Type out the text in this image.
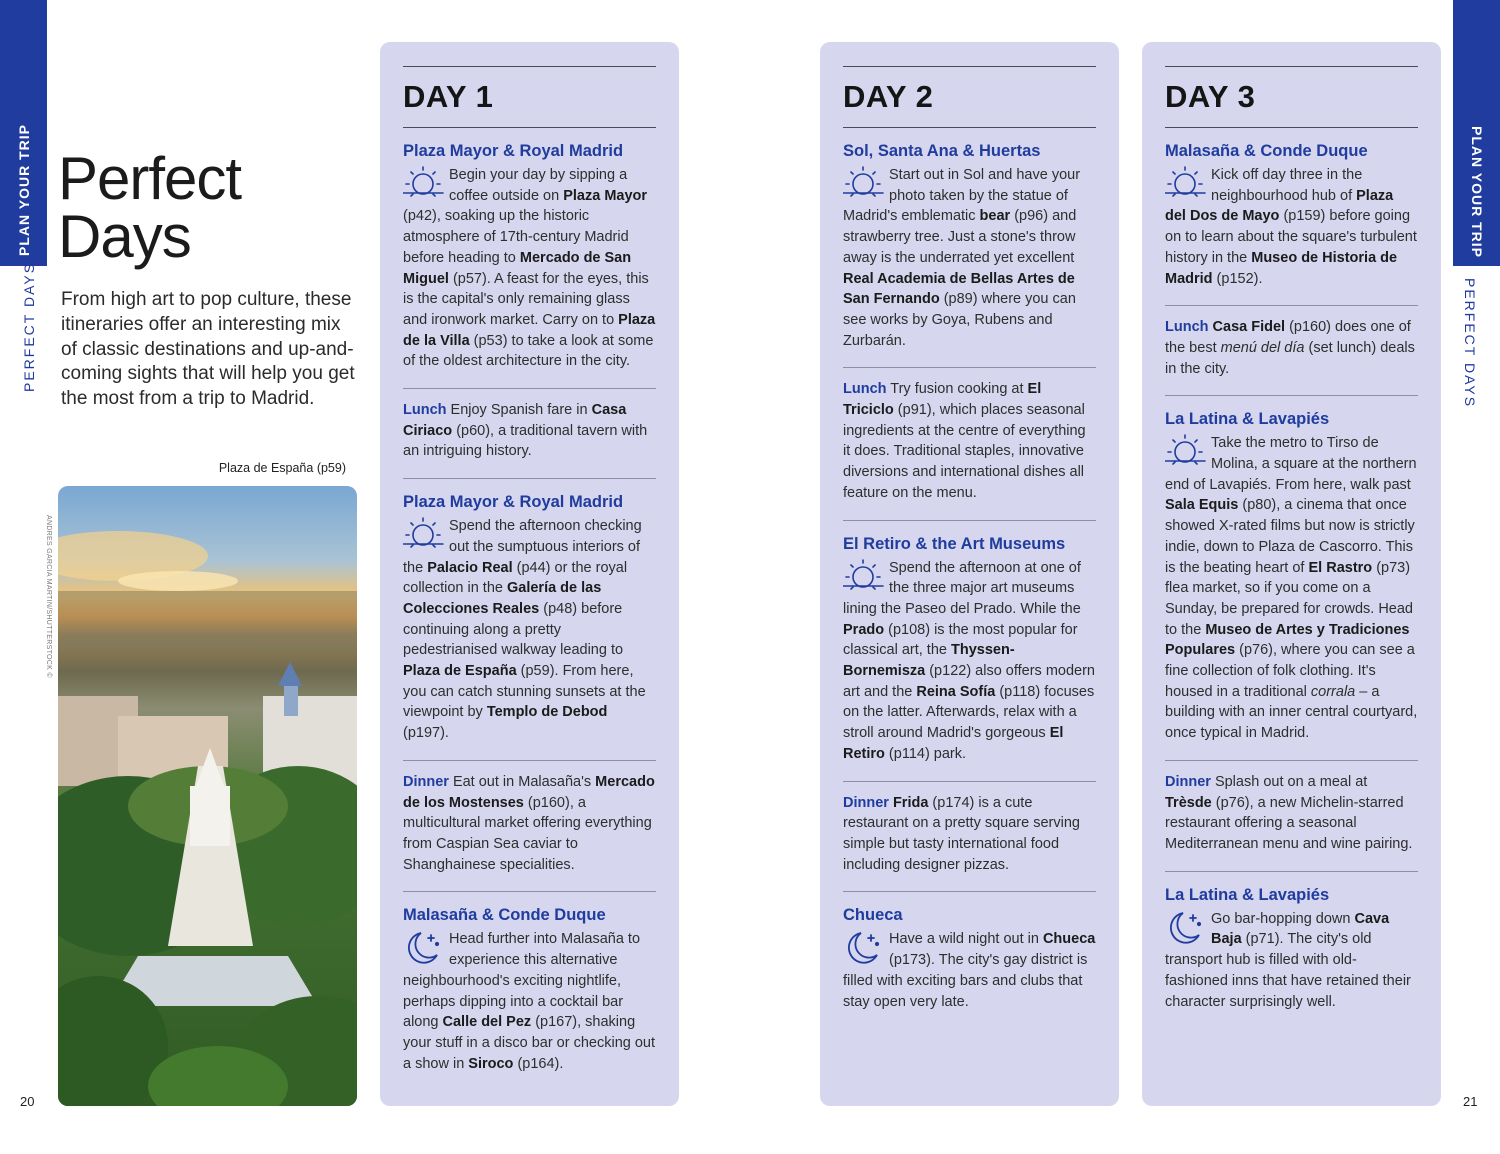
PLAN YOUR TRIP
PERFECT DAYS
PLAN YOUR TRIP
PERFECT DAYS
20	21
Perfect
Days
From high art to pop culture, these itineraries offer an interesting mix of classic destinations and up-and-coming sights that will help you get the most from a trip to Madrid.
Plaza de España (p59)
ANDRES GARCIA MARTIN/SHUTTERSTOCK ©
DAY 1
Plaza Mayor & Royal Madrid
Begin your day by sipping a coffee outside on Plaza Mayor (p42), soaking up the historic atmosphere of 17th-century Madrid before heading to Mercado de San Miguel (p57). A feast for the eyes, this is the capital's only remaining glass and ironwork market. Carry on to Plaza de la Villa (p53) to take a look at some of the oldest architecture in the city.
Lunch Enjoy Spanish fare in Casa Ciriaco (p60), a traditional tavern with an intriguing history.
Plaza Mayor & Royal Madrid
Spend the afternoon checking out the sumptuous interiors of the Palacio Real (p44) or the royal collection in the Galería de las Colecciones Reales (p48) before continuing along a pretty pedestrianised walkway leading to Plaza de España (p59). From here, you can catch stunning sunsets at the viewpoint by Templo de Debod (p197).
Dinner Eat out in Malasaña's Mercado de los Mostenses (p160), a multicultural market offering everything from Caspian Sea caviar to Shanghainese specialities.
Malasaña & Conde Duque
Head further into Malasaña to experience this alternative neighbourhood's exciting nightlife, perhaps dipping into a cocktail bar along Calle del Pez (p167), shaking your stuff in a disco bar or checking out a show in Siroco (p164).
DAY 2
Sol, Santa Ana & Huertas
Start out in Sol and have your photo taken by the statue of Madrid's emblematic bear (p96) and strawberry tree. Just a stone's throw away is the underrated yet excellent Real Academia de Bellas Artes de San Fernando (p89) where you can see works by Goya, Rubens and Zurbarán.
Lunch Try fusion cooking at El Triciclo (p91), which places seasonal ingredients at the centre of everything it does. Traditional staples, innovative diversions and international dishes all feature on the menu.
El Retiro & the Art Museums
Spend the afternoon at one of the three major art museums lining the Paseo del Prado. While the Prado (p108) is the most popular for classical art, the Thyssen-Bornemisza (p122) also offers modern art and the Reina Sofía (p118) focuses on the latter. Afterwards, relax with a stroll around Madrid's gorgeous El Retiro (p114) park.
Dinner Frida (p174) is a cute restaurant on a pretty square serving simple but tasty international food including designer pizzas.
Chueca
Have a wild night out in Chueca (p173). The city's gay district is filled with exciting bars and clubs that stay open very late.
DAY 3
Malasaña & Conde Duque
Kick off day three in the neighbourhood hub of Plaza del Dos de Mayo (p159) before going on to learn about the square's turbulent history in the Museo de Historia de Madrid (p152).
Lunch Casa Fidel (p160) does one of the best menú del día (set lunch) deals in the city.
La Latina & Lavapiés
Take the metro to Tirso de Molina, a square at the northern end of Lavapiés. From here, walk past Sala Equis (p80), a cinema that once showed X-rated films but now is strictly indie, down to Plaza de Cascorro. This is the beating heart of El Rastro (p73) flea market, so if you come on a Sunday, be prepared for crowds. Head to the Museo de Artes y Tradiciones Populares (p76), where you can see a fine collection of folk clothing. It's housed in a traditional corrala – a building with an inner central courtyard, once typical in Madrid.
Dinner Splash out on a meal at Trèsde (p76), a new Michelin-starred restaurant offering a seasonal Mediterranean menu and wine pairing.
La Latina & Lavapiés
Go bar-hopping down Cava Baja (p71). The city's old transport hub is filled with old-fashioned inns that have retained their character surprisingly well.
